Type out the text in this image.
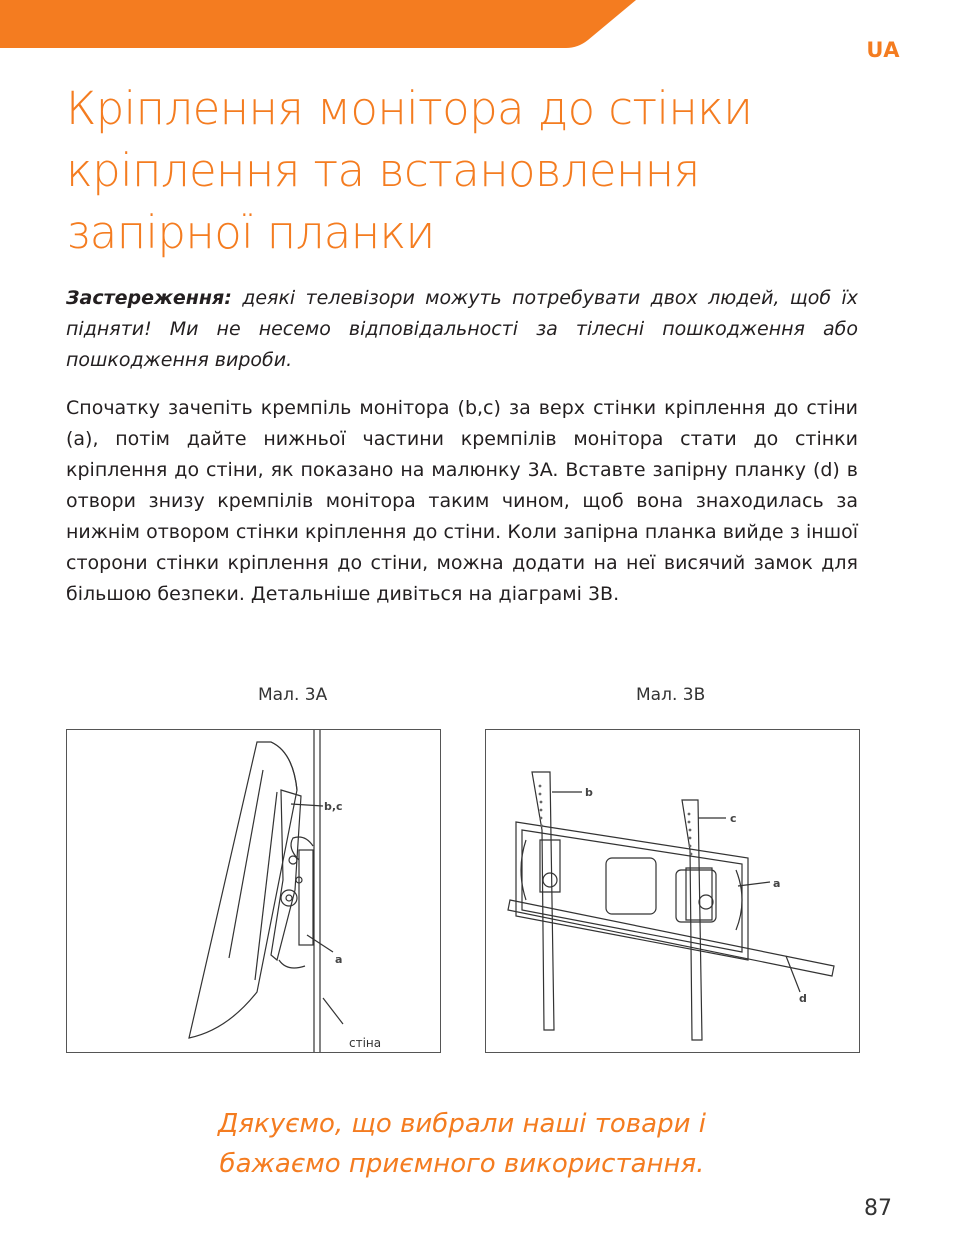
UA
Кріплення монітора до стінки
кріплення та встановлення
запірної планки

Застереження: деякі телевізори можуть потребувати двох людей, щоб їх підняти! Ми не несемо відповідальності за тілесні пошкодження або пошкодження вироби.

Спочатку зачепіть кремпіль монітора (b,c) за верх стінки кріплення до стіни (a), потім дайте нижньої частини кремпілів монітора стати до стінки кріплення до стіни, як показано на малюнку 3A. Вставте запірну планку (d) в отвори знизу кремпілів монітора таким чином, щоб вона знаходилась за нижнім отвором стінки кріплення до стіни. Коли запірна планка вийде з іншої сторони стінки кріплення до стіни, можна додати на неї висячий замок для більшою безпеки. Детальніше дивіться на діаграмі 3B.

Мал. 3A	Мал. 3B
b,c
a
стіна
b
c
a
d

Дякуємо, що вибрали наші товари і
бажаємо приємного використання.

87
